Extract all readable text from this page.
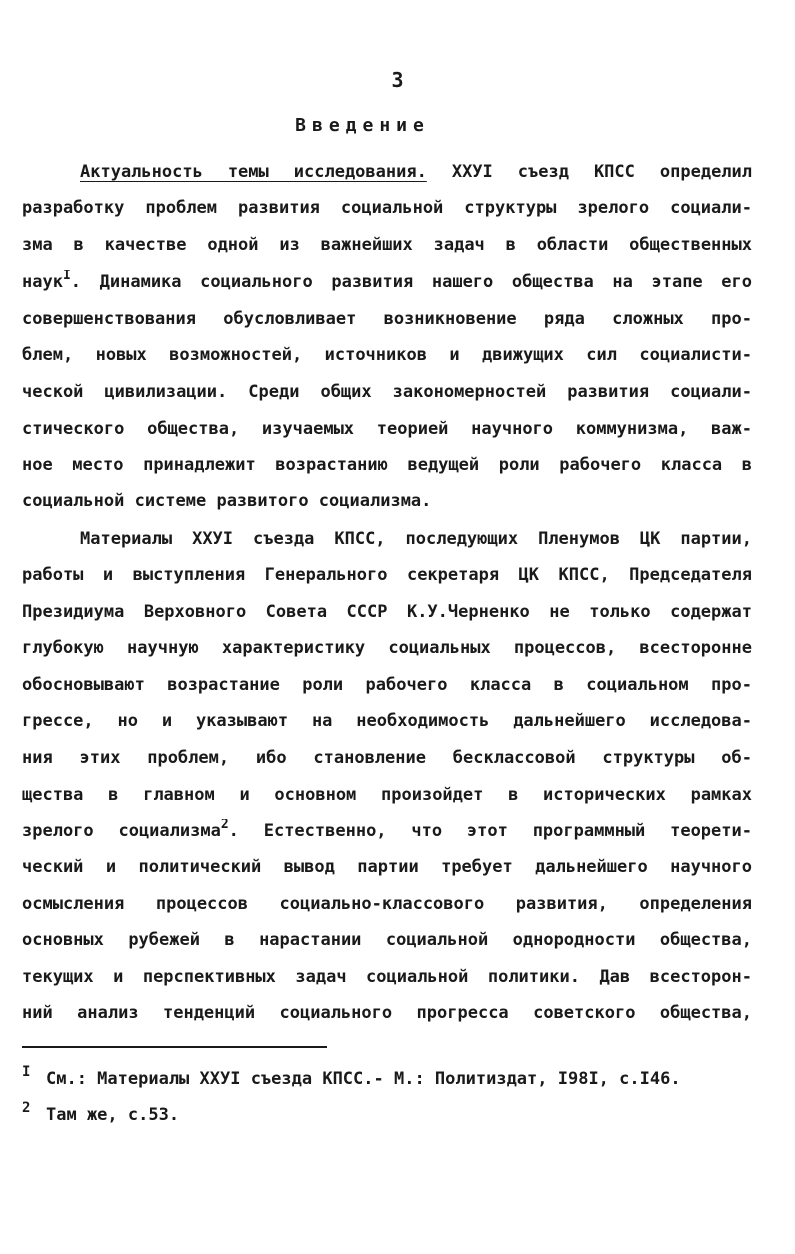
3
Введение
Актуальность темы исследования. ХХУI съезд КПСС определил
разработку проблем развития социальной структуры зрелого социали-
зма в качестве одной из важнейших задач в области общественных
наук$^I$. Динамика социального развития нашего общества на этапе его
совершенствования обусловливает возникновение ряда сложных про-
блем, новых возможностей, источников и движущих сил социалисти-
ческой цивилизации. Среди общих закономерностей развития социали-
стического общества, изучаемых теорией научного коммунизма, важ-
ное место принадлежит возрастанию ведущей роли рабочего класса в
социальной системе развитого социализма.
Материалы ХХУI съезда КПСС, последующих Пленумов ЦК партии,
работы и выступления Генерального секретаря ЦК КПСС, Председателя
Президиума Верховного Совета СССР К.У.Черненко не только содержат
глубокую научную характеристику социальных процессов, всесторонне
обосновывают возрастание роли рабочего класса в социальном про-
грессе, но и указывают на необходимость дальнейшего исследова-
ния этих проблем, ибо становление бесклассовой структуры об-
щества в главном и основном произойдет в исторических рамках
зрелого социализма$^2$. Естественно, что этот программный теорети-
ческий и политический вывод партии требует дальнейшего научного
осмысления процессов социально-классового развития, определения
основных рубежей в нарастании социальной однородности общества,
текущих и перспективных задач социальной политики. Дав всесторон-
ний анализ тенденций социального прогресса советского общества,
I См.: Материалы ХХУI съезда КПСС.- М.: Политиздат, I98I, с.I46.
2 Там же, с.53.
